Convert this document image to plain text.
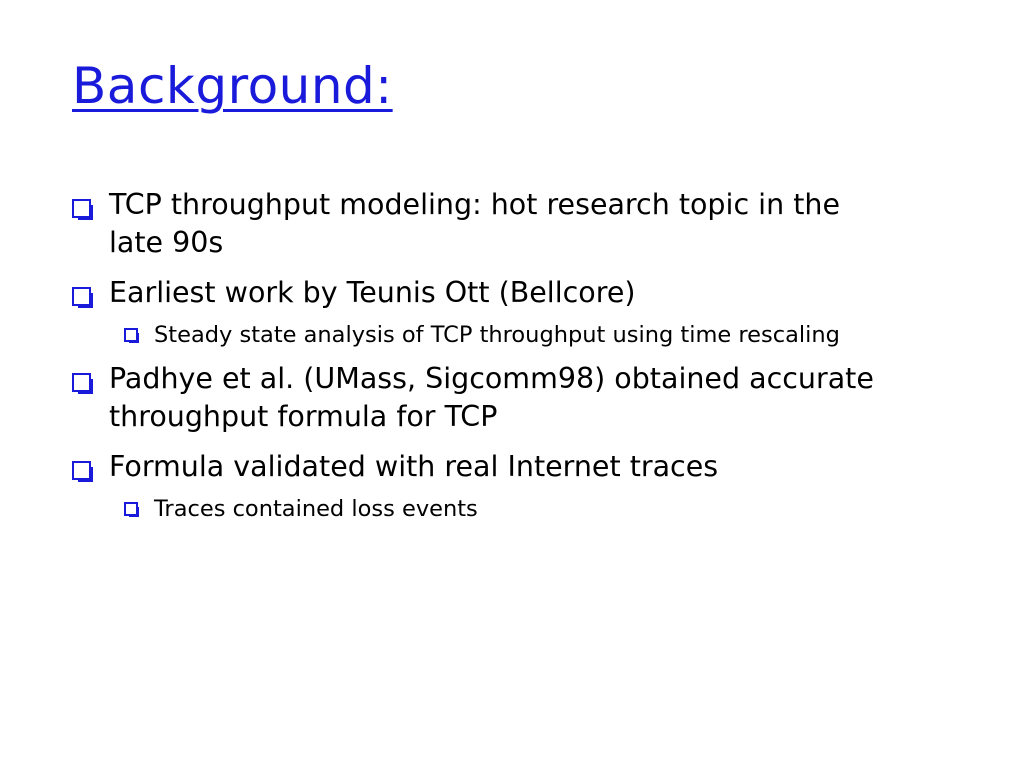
Background:
TCP throughput modeling: hot research topic in the late 90s
Earliest work by Teunis Ott (Bellcore)
Steady state analysis of TCP throughput using time rescaling
Padhye et al. (UMass, Sigcomm98) obtained accurate throughput formula for TCP
Formula validated with real Internet traces
Traces contained loss events
